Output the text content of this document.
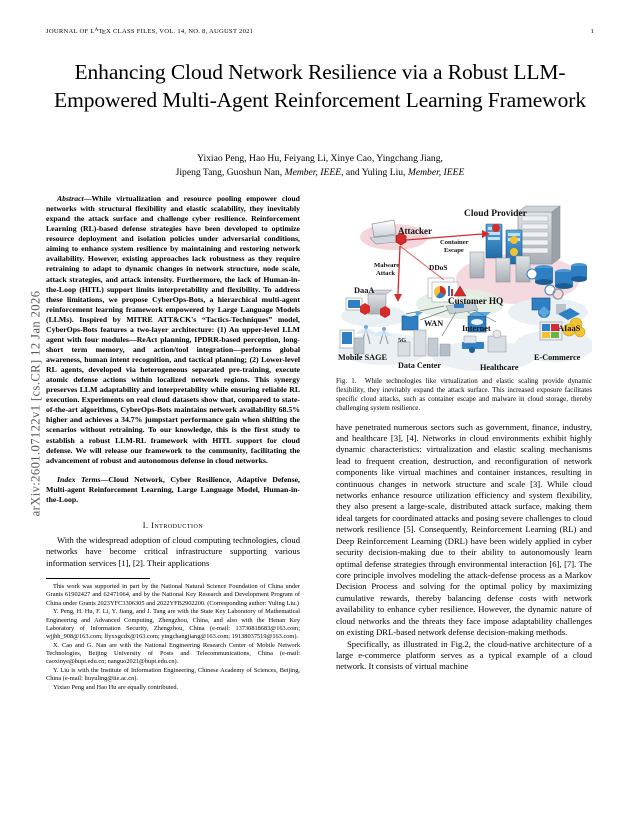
arXiv:2601.07122v1 [cs.CR] 12 Jan 2026
JOURNAL OF $L^ATEX$ CLASS FILES, VOL. 14, NO. 8, AUGUST 2021	1
Enhancing Cloud Network Resilience via a Robust LLM-Empowered Multi-Agent Reinforcement Learning Framework
Yixiao Peng, Hao Hu, Feiyang Li, Xinye Cao, Yingchang Jiang,
Jipeng Tang, Guoshun Nan, Member, IEEE, and Yuling Liu, Member, IEEE

Abstract—While virtualization and resource pooling empower cloud networks with structural flexibility and elastic scalability, they inevitably expand the attack surface and challenge cyber resilience. Reinforcement Learning (RL)-based defense strategies have been developed to optimize resource deployment and isolation policies under adversarial conditions, aiming to enhance system resilience by maintaining and restoring network availability. However, existing approaches lack robustness as they require retraining to adapt to dynamic changes in network structure, node scale, attack strategies, and attack intensity. Furthermore, the lack of Human-in-the-Loop (HITL) support limits interpretability and flexibility. To address these limitations, we propose CyberOps-Bots, a hierarchical multi-agent reinforcement learning framework empowered by Large Language Models (LLMs). Inspired by MITRE ATT&CK's “Tactics-Techniques” model, CyberOps-Bots features a two-layer architecture: (1) An upper-level LLM agent with four modules—ReAct planning, IPDRR-based perception, long-short term memory, and action/tool integration—performs global awareness, human intent recognition, and tactical planning; (2) Lower-level RL agents, developed via heterogeneous separated pre-training, execute atomic defense actions within localized network regions. This synergy preserves LLM adaptability and interpretability while ensuring reliable RL execution. Experiments on real cloud datasets show that, compared to state-of-the-art algorithms, CyberOps-Bots maintains network availability 68.5% higher and achieves a 34.7% jumpstart performance gain when shifting the scenarios without retraining. To our knowledge, this is the first study to establish a robust LLM-RL framework with HITL support for cloud defense. We will release our framework to the community, facilitating the advancement of robust and autonomous defense in cloud networks.

Index Terms—Cloud Network, Cyber Resilience, Adaptive Defense, Multi-agent Reinforcement Learning, Large Language Model, Human-in-the-Loop.

I. Introduction

With the widespread adoption of cloud computing technologies, cloud networks have become critical infrastructure supporting various information services [1], [2]. Their applications

This work was supported in part by the National Natural Science Foundation of China under Grants 61902427 and 62471064, and by the National Key Research and Development Program of China under Grants 2023YFC3306305 and 2022YFB2902200. (Corresponding author: Yuling Liu.)

Y. Peng, H. Hu, F. Li, Y. Jiang, and J. Tang are with the State Key Laboratory of Mathematical Engineering and Advanced Computing, Zhengzhou, China, and also with the Henan Key Laboratory of Information Security, Zhengzhou, China (e-mail: 13730818683@163.com; wjjhh_908@163.com; lfyxxgcdx@163.com; yingchangjiang@163.com; 19138037519@163.com).

X. Cao and G. Nan are with the National Engineering Research Center of Mobile Network Technologies, Beijing University of Posts and Telecommunications, China (e-mail: caoxinye@bupt.edu.cn; nanguo2021@bupt.edu.cn).

Y. Liu is with the Institute of Information Engineering, Chinese Academy of Sciences, Beijing, China (e-mail: liuyuling@iie.ac.cn).

Yixiao Peng and Hao Hu are equally contributed.

Attacker
Cloud Provider
Container
Escape
Malware
Attack
DDoS
DaaA
Customer HQ
AIaaS
WAN
Internet
5G
Mobile SAGE
Data Center	Healthcare
E-Commerce
Fig. 1. While technologies like virtualization and elastic scaling provide dynamic flexibility, they inevitably expand the attack surface. This increased exposure facilitates specific cloud attacks, such as container escape and malware in cloud storage, thereby challenging system resilience.

have penetrated numerous sectors such as government, finance, industry, and healthcare [3], [4]. Networks in cloud environments exhibit highly dynamic characteristics: virtualization and elastic scaling mechanisms lead to frequent creation, destruction, and reconfiguration of network components like virtual machines and container instances, resulting in continuous changes in network structure and scale [3]. While cloud networks enhance resource utilization efficiency and system flexibility, they also present a large-scale, distributed attack surface, making them ideal targets for coordinated attacks and posing severe challenges to cloud network resilience [5]. Consequently, Reinforcement Learning (RL) and Deep Reinforcement Learning (DRL) have been widely applied in cyber security decision-making due to their ability to autonomously learn optimal defense strategies through environmental interaction [6], [7]. The core principle involves modeling the attack-defense process as a Markov Decision Process and solving for the optimal policy by maximizing cumulative rewards, thereby balancing defense costs with network availability to enhance cyber resilience. However, the dynamic nature of cloud networks and the threats they face impose adaptability challenges on existing DRL-based network defense decision-making methods.

Specifically, as illustrated in Fig.2, the cloud-native architecture of a large e-commerce platform serves as a typical example of a cloud network. It consists of virtual machine
